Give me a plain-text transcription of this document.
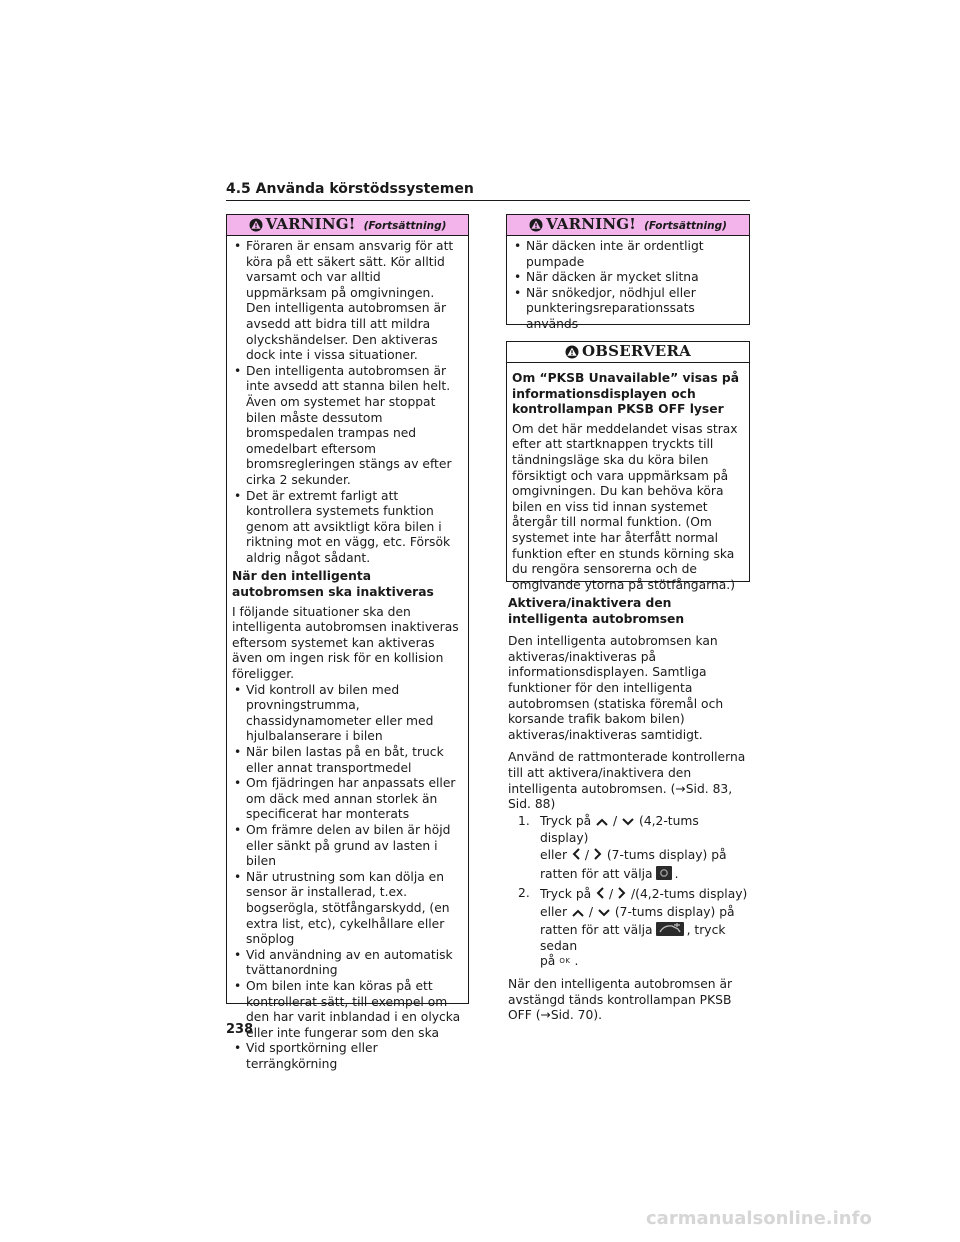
4.5 Använda körstödssystemen
VARNING! (Fortsättning)
• Föraren är ensam ansvarig för att köra på ett säkert sätt. Kör alltid varsamt och var alltid uppmärksam på omgivningen. Den intelligenta autobromsen är avsedd att bidra till att mildra olyckshändelser. Den aktiveras dock inte i vissa situationer.
• Den intelligenta autobromsen är inte avsedd att stanna bilen helt. Även om systemet har stoppat bilen måste dessutom bromspedalen trampas ned omedelbart eftersom bromsregleringen stängs av efter cirka 2 sekunder.
• Det är extremt farligt att kontrollera systemets funktion genom att avsiktligt köra bilen i riktning mot en vägg, etc. Försök aldrig något sådant.
När den intelligenta autobromsen ska inaktiveras
I följande situationer ska den intelligenta autobromsen inaktiveras eftersom systemet kan aktiveras även om ingen risk för en kollision föreligger.
• Vid kontroll av bilen med provningstrumma, chassidynamometer eller med hjulbalanserare i bilen
• När bilen lastas på en båt, truck eller annat transportmedel
• Om fjädringen har anpassats eller om däck med annan storlek än specificerat har monterats
• Om främre delen av bilen är höjd eller sänkt på grund av lasten i bilen
• När utrustning som kan dölja en sensor är installerad, t.ex. bogserögla, stötfångarskydd, (en extra list, etc), cykelhållare eller snöplog
• Vid användning av en automatisk tvättanordning
• Om bilen inte kan köras på ett kontrollerat sätt, till exempel om den har varit inblandad i en olycka eller inte fungerar som den ska
• Vid sportkörning eller terrängkörning
VARNING! (Fortsättning)
• När däcken inte är ordentligt pumpade
• När däcken är mycket slitna
• När snökedjor, nödhjul eller punkteringsreparationssats används
OBSERVERA
Om “PKSB Unavailable” visas på informationsdisplayen och kontrollampan PKSB OFF lyser
Om det här meddelandet visas strax efter att startknappen tryckts till tändningsläge ska du köra bilen försiktigt och vara uppmärksam på omgivningen. Du kan behöva köra bilen en viss tid innan systemet återgår till normal funktion. (Om systemet inte har återfått normal funktion efter en stunds körning ska du rengöra sensorerna och de omgivande ytorna på stötfångarna.)
Aktivera/inaktivera den intelligenta autobromsen
Den intelligenta autobromsen kan aktiveras/inaktiveras på informationsdisplayen. Samtliga funktioner för den intelligenta autobromsen (statiska föremål och korsande trafik bakom bilen) aktiveras/inaktiveras samtidigt.
Använd de rattmonterade kontrollerna till att aktivera/inaktivera den intelligenta autobromsen. (→Sid. 83, Sid. 88)
1. Tryck på / (4,2-tums display)
eller / (7-tums display) på
ratten för att välja .
2. Tryck på / /(4,2-tums display)
eller / (7-tums display) på
ratten för att välja	, tryck sedan
på OK .
När den intelligenta autobromsen är avstängd tänds kontrollampan PKSB OFF (→Sid. 70).
238
carmanualsonline.info
